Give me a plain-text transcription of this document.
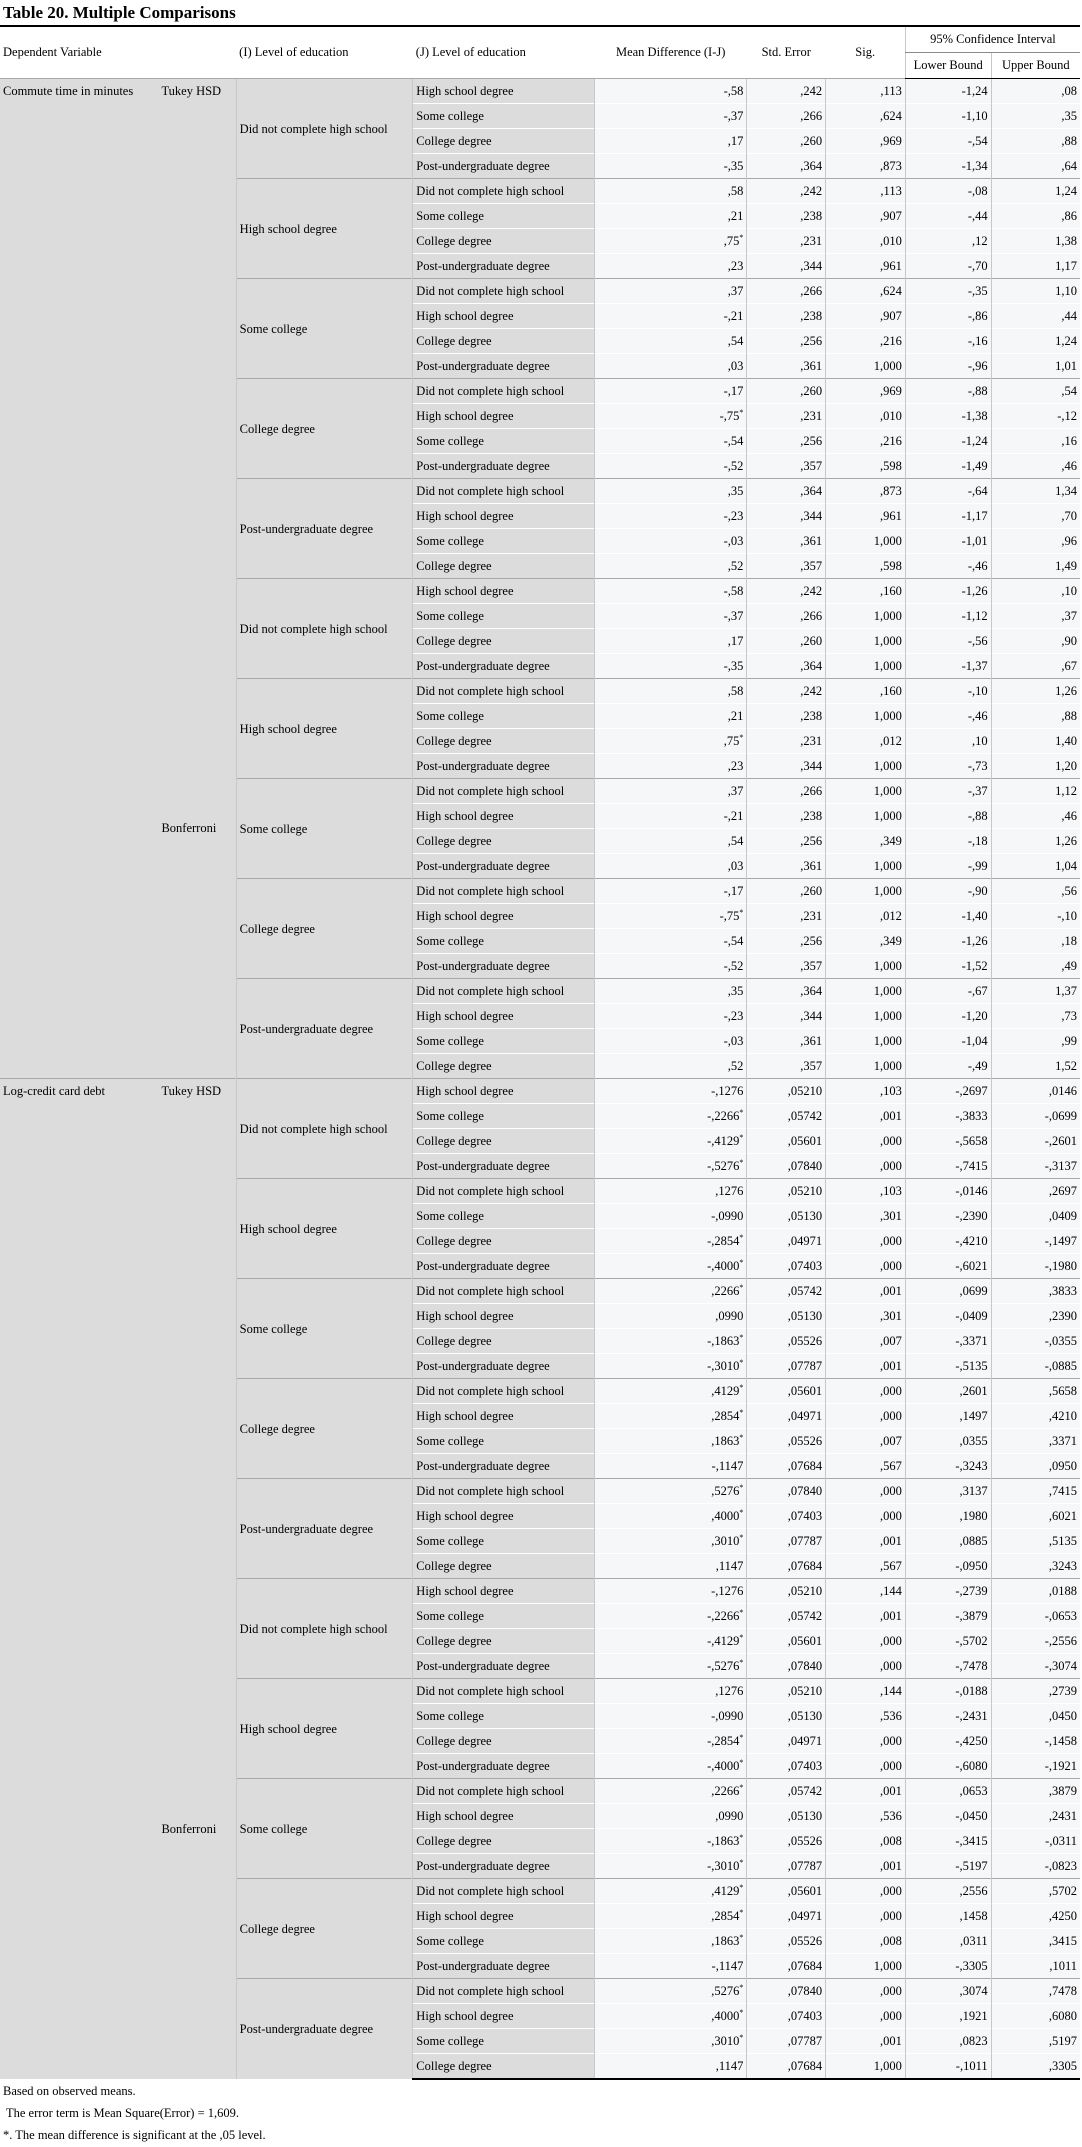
Table 20. Multiple Comparisons
Dependent Variable		(I) Level of education	(J) Level of education	Mean Difference (I-J)	Std. Error	Sig.	95% Confidence Interval	
							Lower Bound	Upper Bound
Commute time in minutes	Tukey HSD	Did not complete high school	High school degree	-,58	,242	,113	-1,24	,08
			Some college	-,37	,266	,624	-1,10	,35
			College degree	,17	,260	,969	-,54	,88
			Post-undergraduate degree	-,35	,364	,873	-1,34	,64
		High school degree	Did not complete high school	,58	,242	,113	-,08	1,24
			Some college	,21	,238	,907	-,44	,86
			College degree	,75*	,231	,010	,12	1,38
			Post-undergraduate degree	,23	,344	,961	-,70	1,17
		Some college	Did not complete high school	,37	,266	,624	-,35	1,10
			High school degree	-,21	,238	,907	-,86	,44
			College degree	,54	,256	,216	-,16	1,24
			Post-undergraduate degree	,03	,361	1,000	-,96	1,01
		College degree	Did not complete high school	-,17	,260	,969	-,88	,54
			High school degree	-,75*	,231	,010	-1,38	-,12
			Some college	-,54	,256	,216	-1,24	,16
			Post-undergraduate degree	-,52	,357	,598	-1,49	,46
		Post-undergraduate degree	Did not complete high school	,35	,364	,873	-,64	1,34
			High school degree	-,23	,344	,961	-1,17	,70
			Some college	-,03	,361	1,000	-1,01	,96
			College degree	,52	,357	,598	-,46	1,49
	Bonferroni	Did not complete high school	High school degree	-,58	,242	,160	-1,26	,10
			Some college	-,37	,266	1,000	-1,12	,37
			College degree	,17	,260	1,000	-,56	,90
			Post-undergraduate degree	-,35	,364	1,000	-1,37	,67
		High school degree	Did not complete high school	,58	,242	,160	-,10	1,26
			Some college	,21	,238	1,000	-,46	,88
			College degree	,75*	,231	,012	,10	1,40
			Post-undergraduate degree	,23	,344	1,000	-,73	1,20
		Some college	Did not complete high school	,37	,266	1,000	-,37	1,12
			High school degree	-,21	,238	1,000	-,88	,46
			College degree	,54	,256	,349	-,18	1,26
			Post-undergraduate degree	,03	,361	1,000	-,99	1,04
		College degree	Did not complete high school	-,17	,260	1,000	-,90	,56
			High school degree	-,75*	,231	,012	-1,40	-,10
			Some college	-,54	,256	,349	-1,26	,18
			Post-undergraduate degree	-,52	,357	1,000	-1,52	,49
		Post-undergraduate degree	Did not complete high school	,35	,364	1,000	-,67	1,37
			High school degree	-,23	,344	1,000	-1,20	,73
			Some college	-,03	,361	1,000	-1,04	,99
			College degree	,52	,357	1,000	-,49	1,52
Log-credit card debt	Tukey HSD	Did not complete high school	High school degree	-,1276	,05210	,103	-,2697	,0146
			Some college	-,2266*	,05742	,001	-,3833	-,0699
			College degree	-,4129*	,05601	,000	-,5658	-,2601
			Post-undergraduate degree	-,5276*	,07840	,000	-,7415	-,3137
		High school degree	Did not complete high school	,1276	,05210	,103	-,0146	,2697
			Some college	-,0990	,05130	,301	-,2390	,0409
			College degree	-,2854*	,04971	,000	-,4210	-,1497
			Post-undergraduate degree	-,4000*	,07403	,000	-,6021	-,1980
		Some college	Did not complete high school	,2266*	,05742	,001	,0699	,3833
			High school degree	,0990	,05130	,301	-,0409	,2390
			College degree	-,1863*	,05526	,007	-,3371	-,0355
			Post-undergraduate degree	-,3010*	,07787	,001	-,5135	-,0885
		College degree	Did not complete high school	,4129*	,05601	,000	,2601	,5658
			High school degree	,2854*	,04971	,000	,1497	,4210
			Some college	,1863*	,05526	,007	,0355	,3371
			Post-undergraduate degree	-,1147	,07684	,567	-,3243	,0950
		Post-undergraduate degree	Did not complete high school	,5276*	,07840	,000	,3137	,7415
			High school degree	,4000*	,07403	,000	,1980	,6021
			Some college	,3010*	,07787	,001	,0885	,5135
			College degree	,1147	,07684	,567	-,0950	,3243
	Bonferroni	Did not complete high school	High school degree	-,1276	,05210	,144	-,2739	,0188
			Some college	-,2266*	,05742	,001	-,3879	-,0653
			College degree	-,4129*	,05601	,000	-,5702	-,2556
			Post-undergraduate degree	-,5276*	,07840	,000	-,7478	-,3074
		High school degree	Did not complete high school	,1276	,05210	,144	-,0188	,2739
			Some college	-,0990	,05130	,536	-,2431	,0450
			College degree	-,2854*	,04971	,000	-,4250	-,1458
			Post-undergraduate degree	-,4000*	,07403	,000	-,6080	-,1921
		Some college	Did not complete high school	,2266*	,05742	,001	,0653	,3879
			High school degree	,0990	,05130	,536	-,0450	,2431
			College degree	-,1863*	,05526	,008	-,3415	-,0311
			Post-undergraduate degree	-,3010*	,07787	,001	-,5197	-,0823
		College degree	Did not complete high school	,4129*	,05601	,000	,2556	,5702
			High school degree	,2854*	,04971	,000	,1458	,4250
			Some college	,1863*	,05526	,008	,0311	,3415
			Post-undergraduate degree	-,1147	,07684	1,000	-,3305	,1011
		Post-undergraduate degree	Did not complete high school	,5276*	,07840	,000	,3074	,7478
			High school degree	,4000*	,07403	,000	,1921	,6080
			Some college	,3010*	,07787	,001	,0823	,5197
			College degree	,1147	,07684	1,000	-,1011	,3305
Based on observed means.
The error term is Mean Square(Error) = 1,609.
*. The mean difference is significant at the ,05 level.
